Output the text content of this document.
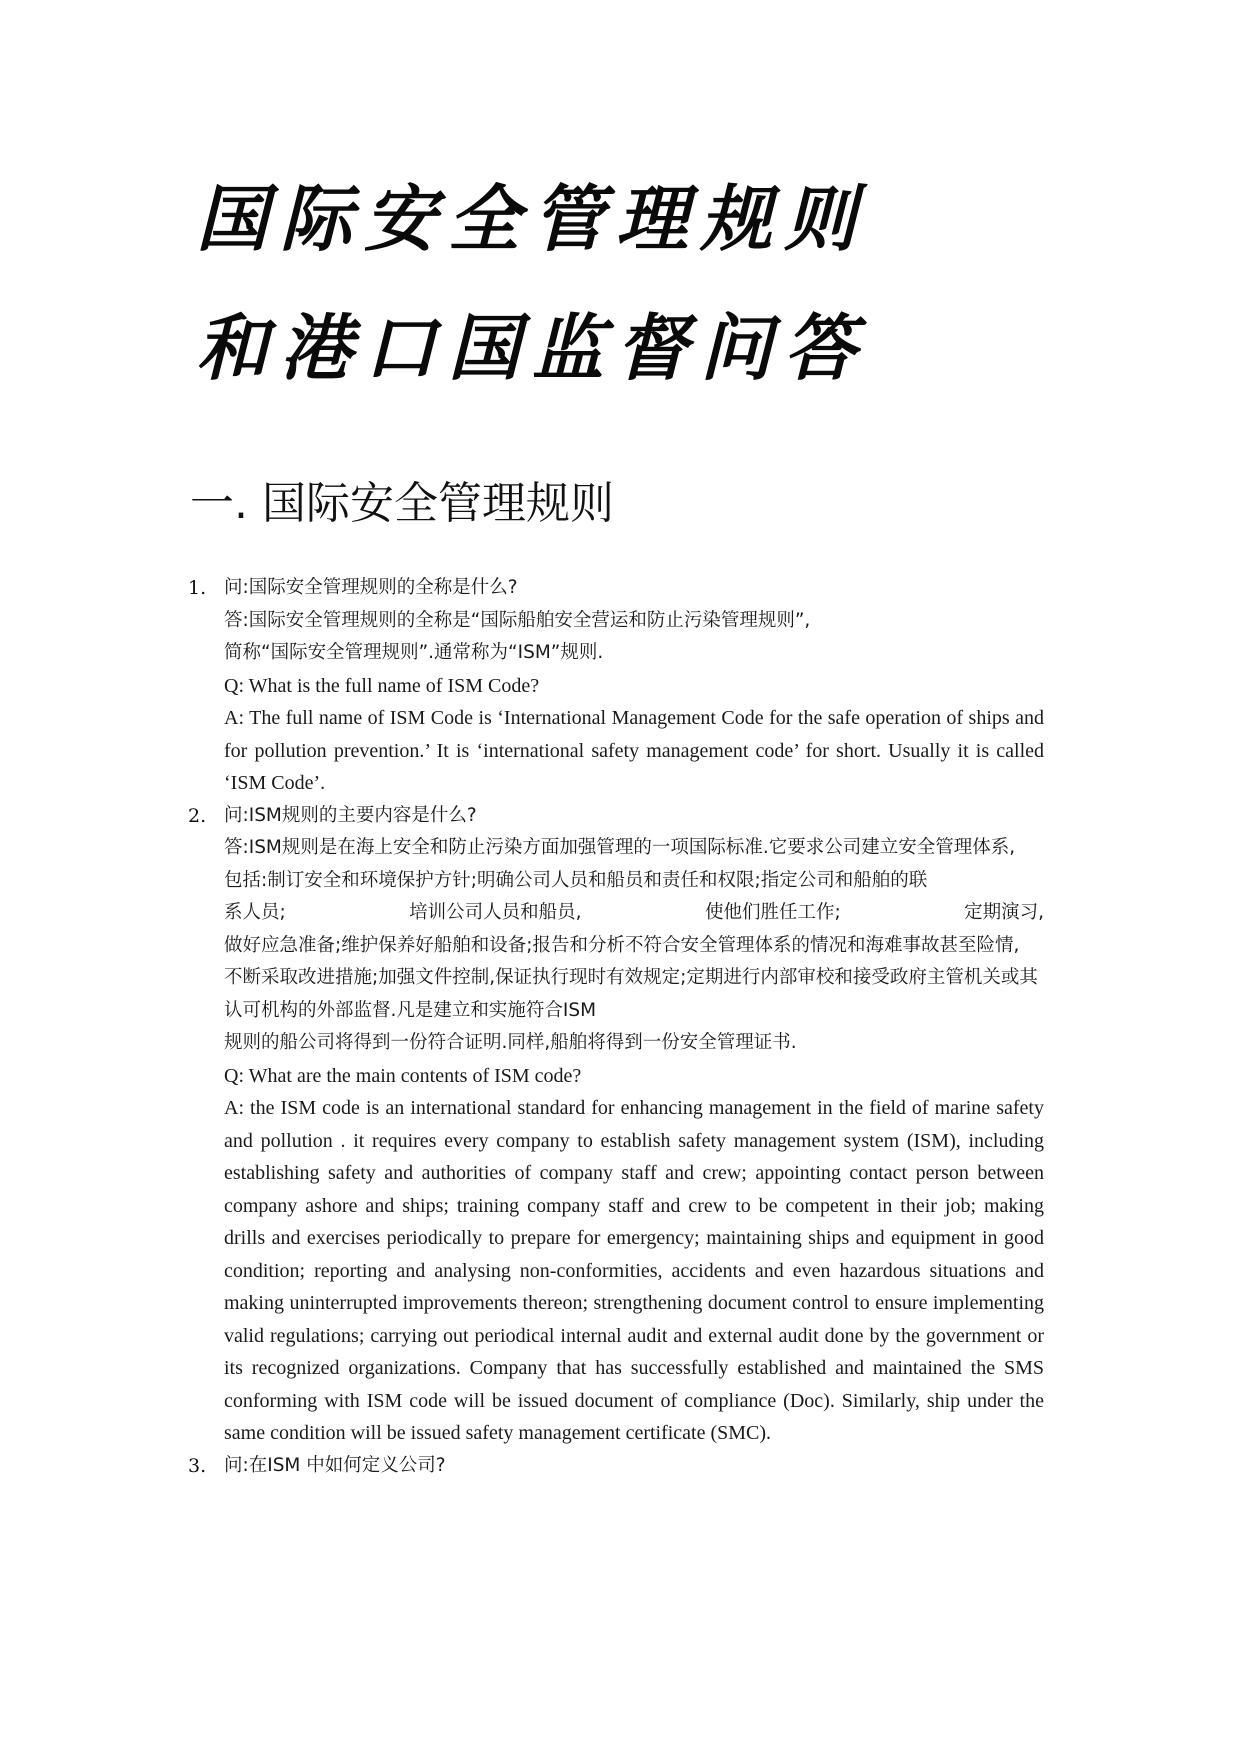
国际安全管理规则
和港口国监督问答
一. 国际安全管理规则
1. 问:国际安全管理规则的全称是什么?

答:国际安全管理规则的全称是“国际船舶安全营运和防止污染管理规则”,

简称“国际安全管理规则”.通常称为“ISM”规则.

Q: What is the full name of ISM Code?

A: The full name of ISM Code is ‘International Management Code for the safe operation of ships and for pollution prevention.’ It is ‘international safety management code’ for short. Usually it is called ‘ISM Code’.

2. 问:ISM规则的主要内容是什么?

答:ISM规则是在海上安全和防止污染方面加强管理的一项国际标准.它要求公司建立安全管理体系,

包括:制订安全和环境保护方针;明确公司人员和船员和责任和权限;指定公司和船舶的联

系人员;	培训公司人员和船员,	使他们胜任工作;	定期演习,

做好应急准备;维护保养好船舶和设备;报告和分析不符合安全管理体系的情况和海难事故甚至险情,

不断采取改进措施;加强文件控制,保证执行现时有效规定;定期进行内部审校和接受政府主管机关或其认可机构的外部监督.凡是建立和实施符合ISM

规则的船公司将得到一份符合证明.同样,船舶将得到一份安全管理证书.

Q: What are the main contents of ISM code?

A: the ISM code is an international standard for enhancing management in the field of marine safety and pollution . it requires every company to establish safety management system (ISM), including establishing safety and authorities of company staff and crew; appointing contact person between company ashore and ships; training company staff and crew to be competent in their job; making drills and exercises periodically to prepare for emergency; maintaining ships and equipment in good condition; reporting and analysing non-conformities, accidents and even hazardous situations and making uninterrupted improvements thereon; strengthening document control to ensure implementing valid regulations; carrying out periodical internal audit and external audit done by the government or its recognized organizations. Company that has successfully established and maintained the SMS conforming with ISM code will be issued document of compliance (Doc). Similarly, ship under the same condition will be issued safety management certificate (SMC).

3. 问:在ISM 中如何定义公司?
